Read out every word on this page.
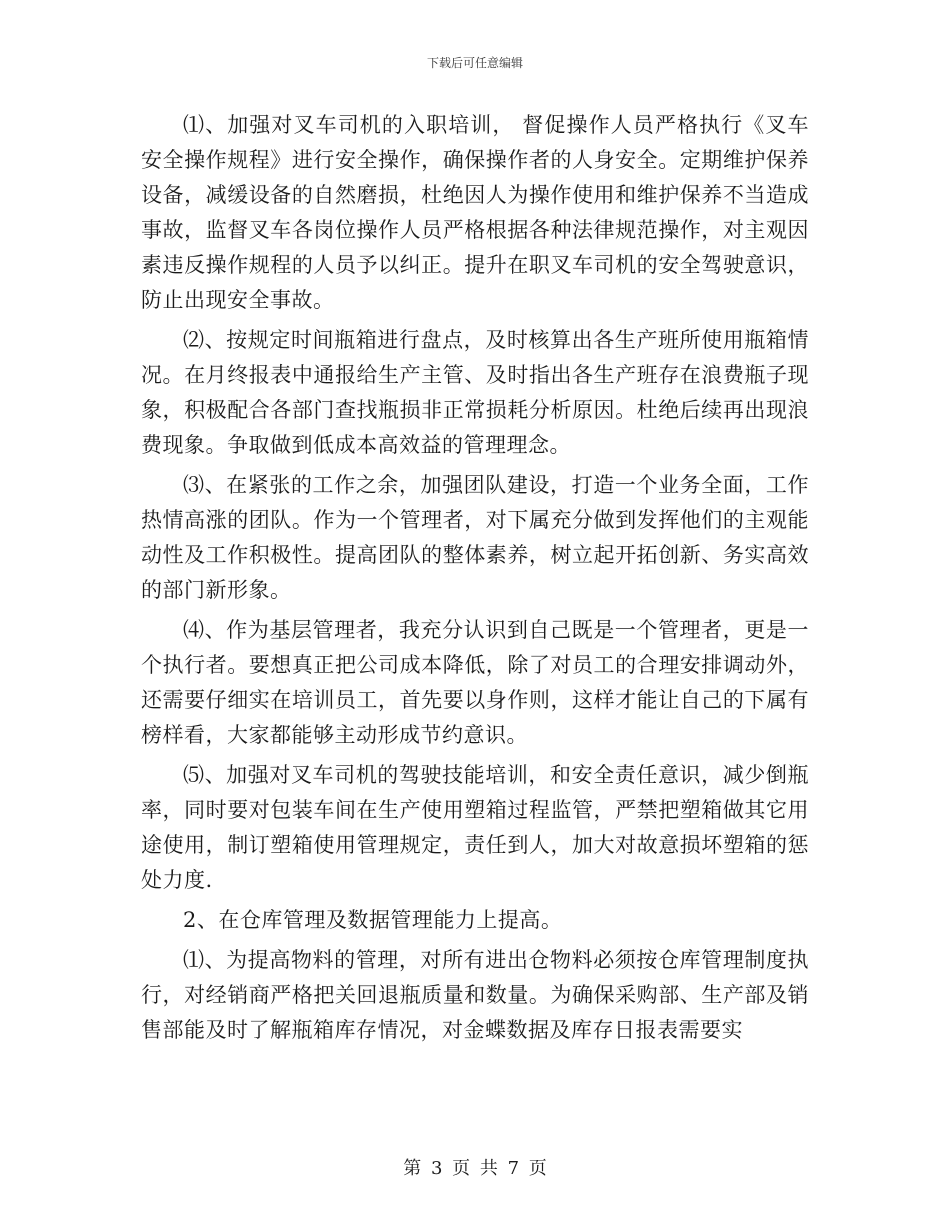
下载后可任意编辑

⑴、加强对叉车司机的入职培训， 督促操作人员严格执行《叉车安全操作规程》进行安全操作，确保操作者的人身安全。定期维护保养设备，减缓设备的自然磨损，杜绝因人为操作使用和维护保养不当造成事故，监督叉车各岗位操作人员严格根据各种法律规范操作，对主观因素违反操作规程的人员予以纠正。提升在职叉车司机的安全驾驶意识，防止出现安全事故。

⑵、按规定时间瓶箱进行盘点，及时核算出各生产班所使用瓶箱情况。在月终报表中通报给生产主管、及时指出各生产班存在浪费瓶子现象，积极配合各部门查找瓶损非正常损耗分析原因。杜绝后续再出现浪费现象。争取做到低成本高效益的管理理念。

⑶、在紧张的工作之余，加强团队建设，打造一个业务全面，工作热情高涨的团队。作为一个管理者，对下属充分做到发挥他们的主观能动性及工作积极性。提高团队的整体素养，树立起开拓创新、务实高效的部门新形象。

⑷、作为基层管理者，我充分认识到自己既是一个管理者，更是一个执行者。要想真正把公司成本降低，除了对员工的合理安排调动外，还需要仔细实在培训员工，首先要以身作则，这样才能让自己的下属有榜样看，大家都能够主动形成节约意识。

⑸、加强对叉车司机的驾驶技能培训，和安全责任意识，减少倒瓶率，同时要对包装车间在生产使用塑箱过程监管，严禁把塑箱做其它用途使用，制订塑箱使用管理规定，责任到人，加大对故意损坏塑箱的惩处力度.

2、在仓库管理及数据管理能力上提高。

⑴、为提高物料的管理，对所有进出仓物料必须按仓库管理制度执行，对经销商严格把关回退瓶质量和数量。为确保采购部、生产部及销售部能及时了解瓶箱库存情况，对金蝶数据及库存日报表需要实

第 3 页 共 7 页
